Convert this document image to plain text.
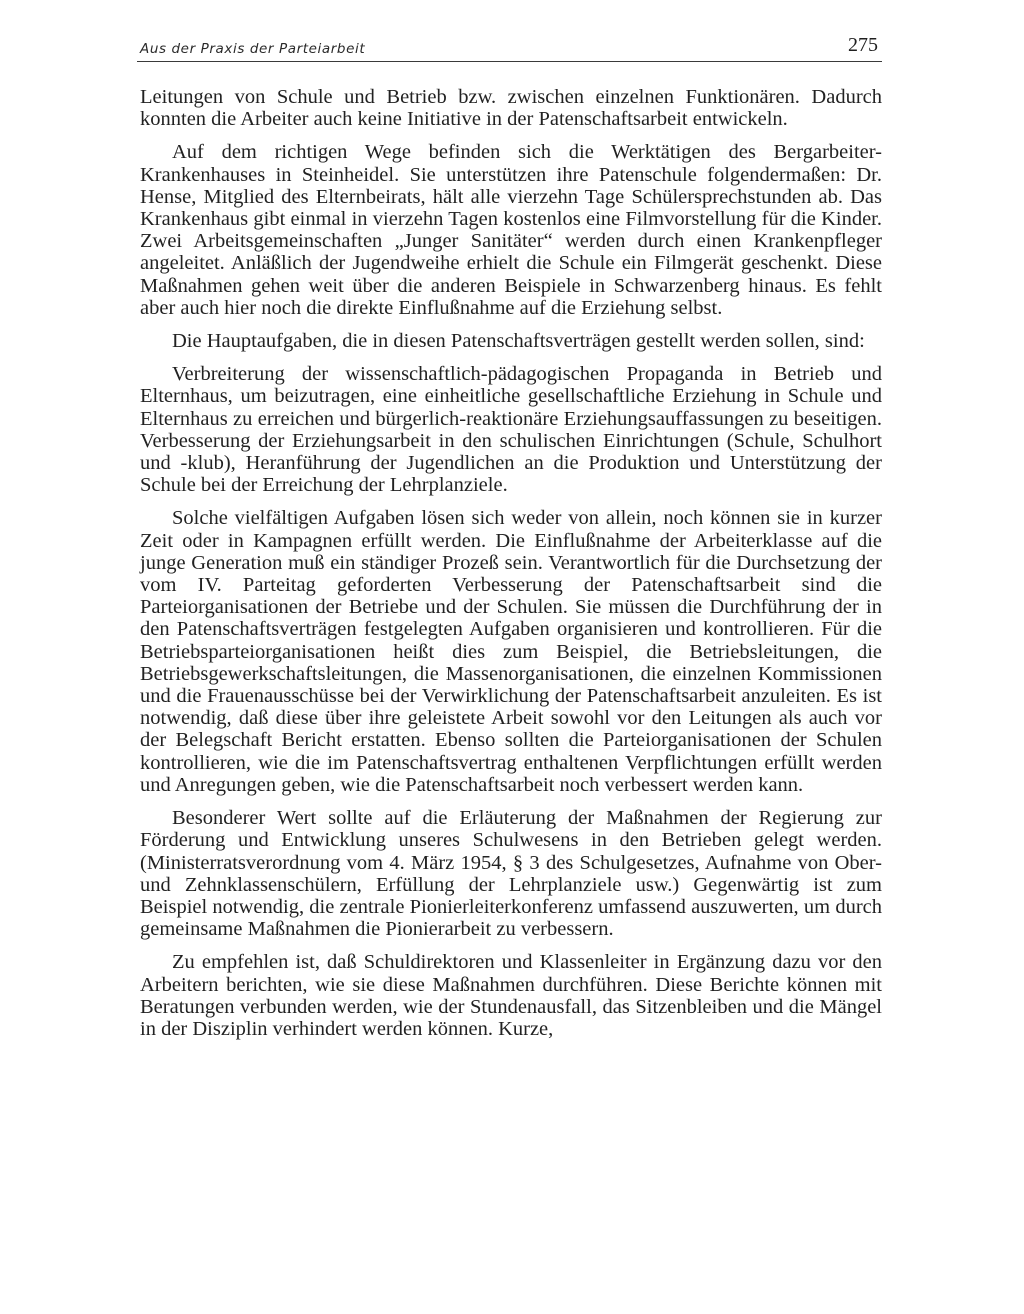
Aus der Praxis der Parteiarbeit	275

Leitungen von Schule und Betrieb bzw. zwischen einzelnen Funktionären. Dadurch konnten die Arbeiter auch keine Initiative in der Patenschaftsarbeit entwickeln.

Auf dem richtigen Wege befinden sich die Werktätigen des Bergarbeiter-Krankenhauses in Steinheidel. Sie unterstützen ihre Patenschule folgendermaßen: Dr. Hense, Mitglied des Elternbeirats, hält alle vierzehn Tage Schülersprechstunden ab. Das Krankenhaus gibt einmal in vierzehn Tagen kostenlos eine Filmvorstellung für die Kinder. Zwei Arbeitsgemeinschaften „Junger Sanitäter“ werden durch einen Krankenpfleger angeleitet. Anläßlich der Jugendweihe erhielt die Schule ein Filmgerät geschenkt. Diese Maßnahmen gehen weit über die anderen Beispiele in Schwarzenberg hinaus. Es fehlt aber auch hier noch die direkte Einflußnahme auf die Erziehung selbst.

Die Hauptaufgaben, die in diesen Patenschaftsverträgen gestellt werden sollen, sind:

Verbreiterung der wissenschaftlich-pädagogischen Propaganda in Betrieb und Elternhaus, um beizutragen, eine einheitliche gesellschaftliche Erziehung in Schule und Elternhaus zu erreichen und bürgerlich-reaktionäre Erziehungsauffassungen zu beseitigen. Verbesserung der Erziehungsarbeit in den schulischen Einrichtungen (Schule, Schulhort und -klub), Heranführung der Jugendlichen an die Produktion und Unterstützung der Schule bei der Erreichung der Lehrplanziele.

Solche vielfältigen Aufgaben lösen sich weder von allein, noch können sie in kurzer Zeit oder in Kampagnen erfüllt werden. Die Einflußnahme der Arbeiterklasse auf die junge Generation muß ein ständiger Prozeß sein. Verantwortlich für die Durchsetzung der vom IV. Parteitag geforderten Verbesserung der Patenschaftsarbeit sind die Parteiorganisationen der Betriebe und der Schulen. Sie müssen die Durchführung der in den Patenschaftsverträgen festgelegten Aufgaben organisieren und kontrollieren. Für die Betriebsparteiorganisationen heißt dies zum Beispiel, die Betriebsleitungen, die Betriebsgewerkschaftsleitungen, die Massenorganisationen, die einzelnen Kommissionen und die Frauenausschüsse bei der Verwirklichung der Patenschaftsarbeit anzuleiten. Es ist notwendig, daß diese über ihre geleistete Arbeit sowohl vor den Leitungen als auch vor der Belegschaft Bericht erstatten. Ebenso sollten die Parteiorganisationen der Schulen kontrollieren, wie die im Patenschaftsvertrag enthaltenen Verpflichtungen erfüllt werden und Anregungen geben, wie die Patenschaftsarbeit noch verbessert werden kann.

Besonderer Wert sollte auf die Erläuterung der Maßnahmen der Regierung zur Förderung und Entwicklung unseres Schulwesens in den Betrieben gelegt werden. (Ministerratsverordnung vom 4. März 1954, § 3 des Schulgesetzes, Aufnahme von Ober- und Zehnklassenschülern, Erfüllung der Lehrplanziele usw.) Gegenwärtig ist zum Beispiel notwendig, die zentrale Pionierleiterkonferenz umfassend auszuwerten, um durch gemeinsame Maßnahmen die Pionierarbeit zu verbessern.

Zu empfehlen ist, daß Schuldirektoren und Klassenleiter in Ergänzung dazu vor den Arbeitern berichten, wie sie diese Maßnahmen durchführen. Diese Berichte können mit Beratungen verbunden werden, wie der Stundenausfall, das Sitzenbleiben und die Mängel in der Disziplin verhindert werden können. Kurze,
